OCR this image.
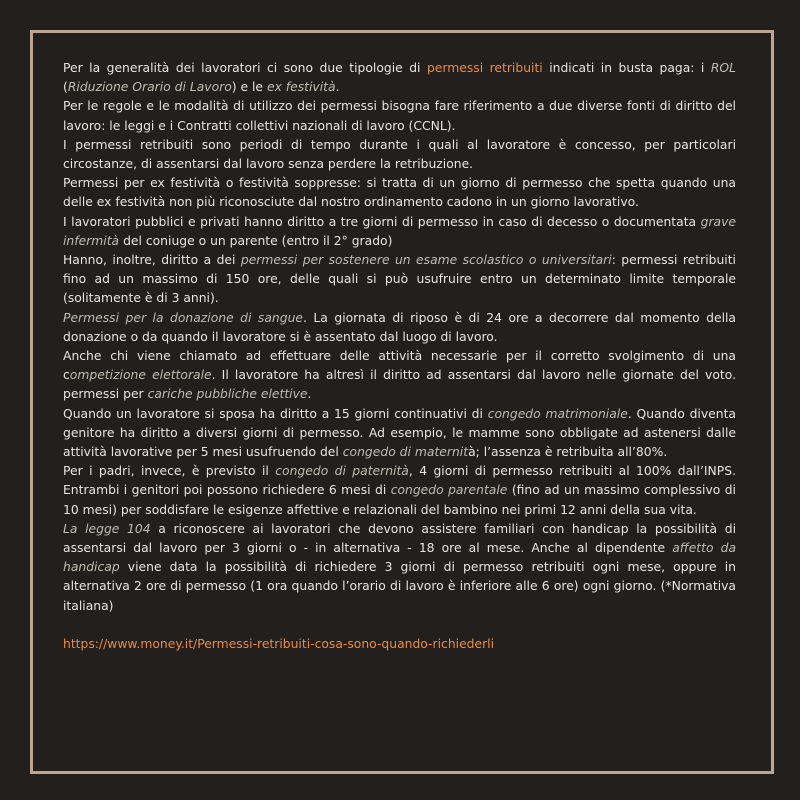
Per la generalità dei lavoratori ci sono due tipologie di permessi retribuiti indicati in busta paga: i ROL (Riduzione Orario di Lavoro) e le ex festività.

Per le regole e le modalità di utilizzo dei permessi bisogna fare riferimento a due diverse fonti di diritto del lavoro: le leggi e i Contratti collettivi nazionali di lavoro (CCNL).

I permessi retribuiti sono periodi di tempo durante i quali al lavoratore è concesso, per particolari circostanze, di assentarsi dal lavoro senza perdere la retribuzione.

Permessi per ex festività o festività soppresse: si tratta di un giorno di permesso che spetta quando una delle ex festività non più riconosciute dal nostro ordinamento cadono in un giorno lavorativo.

I lavoratori pubblici e privati hanno diritto a tre giorni di permesso in caso di decesso o documentata grave infermità del coniuge o un parente (entro il 2° grado)

Hanno, inoltre, diritto a dei permessi per sostenere un esame scolastico o universitari: permessi retribuiti fino ad un massimo di 150 ore, delle quali si può usufruire entro un determinato limite temporale (solitamente è di 3 anni).

Permessi per la donazione di sangue. La giornata di riposo è di 24 ore a decorrere dal momento della donazione o da quando il lavoratore si è assentato dal luogo di lavoro.

Anche chi viene chiamato ad effettuare delle attività necessarie per il corretto svolgimento di una competizione elettorale. Il lavoratore ha altresì il diritto ad assentarsi dal lavoro nelle giornate del voto. permessi per cariche pubbliche elettive.

Quando un lavoratore si sposa ha diritto a 15 giorni continuativi di congedo matrimoniale. Quando diventa genitore ha diritto a diversi giorni di permesso. Ad esempio, le mamme sono obbligate ad astenersi dalle attività lavorative per 5 mesi usufruendo del congedo di maternità; l’assenza è retribuita all’80%.

Per i padri, invece, è previsto il congedo di paternità, 4 giorni di permesso retribuiti al 100% dall’INPS. Entrambi i genitori poi possono richiedere 6 mesi di congedo parentale (fino ad un massimo complessivo di 10 mesi) per soddisfare le esigenze affettive e relazionali del bambino nei primi 12 anni della sua vita.

La legge 104 a riconoscere ai lavoratori che devono assistere familiari con handicap la possibilità di assentarsi dal lavoro per 3 giorni o - in alternativa - 18 ore al mese. Anche al dipendente affetto da handicap viene data la possibilità di richiedere 3 giorni di permesso retribuiti ogni mese, oppure in alternativa 2 ore di permesso (1 ora quando l’orario di lavoro è inferiore alle 6 ore) ogni giorno. (*Normativa italiana)

https://www.money.it/Permessi-retribuiti-cosa-sono-quando-richiederli
